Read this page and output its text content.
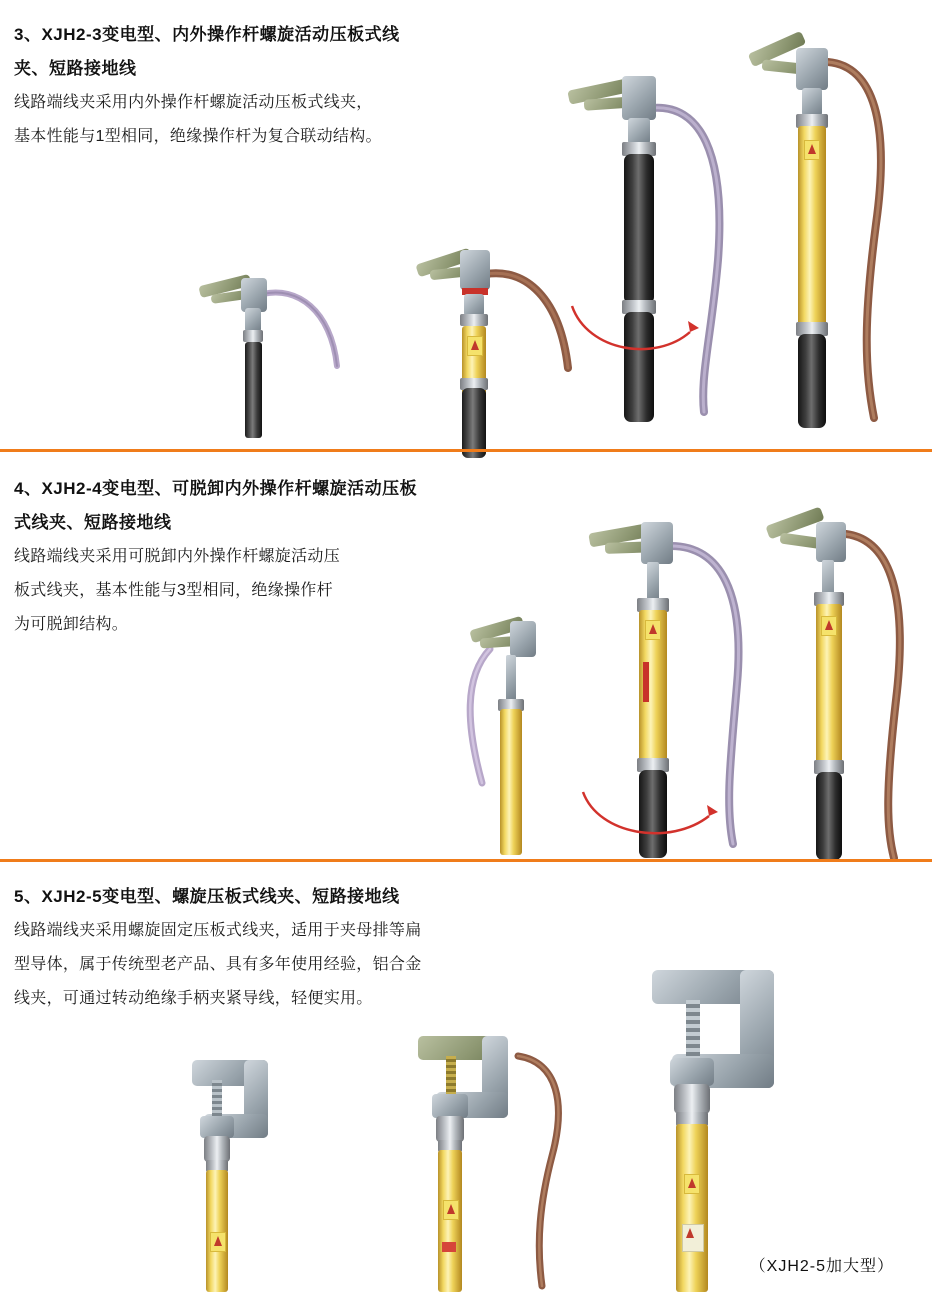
3、XJH2-3变电型、内外操作杆螺旋活动压板式线
夹、短路接地线
线路端线夹采用内外操作杆螺旋活动压板式线夹，
基本性能与1型相同，绝缘操作杆为复合联动结构。
4、XJH2-4变电型、可脱卸内外操作杆螺旋活动压板
式线夹、短路接地线
线路端线夹采用可脱卸内外操作杆螺旋活动压
板式线夹，基本性能与3型相同，绝缘操作杆
为可脱卸结构。
5、XJH2-5变电型、螺旋压板式线夹、短路接地线
线路端线夹采用螺旋固定压板式线夹，适用于夹母排等扁
型导体，属于传统型老产品、具有多年使用经验，铝合金
线夹，可通过转动绝缘手柄夹紧导线，轻便实用。
（XJH2-5加大型）
